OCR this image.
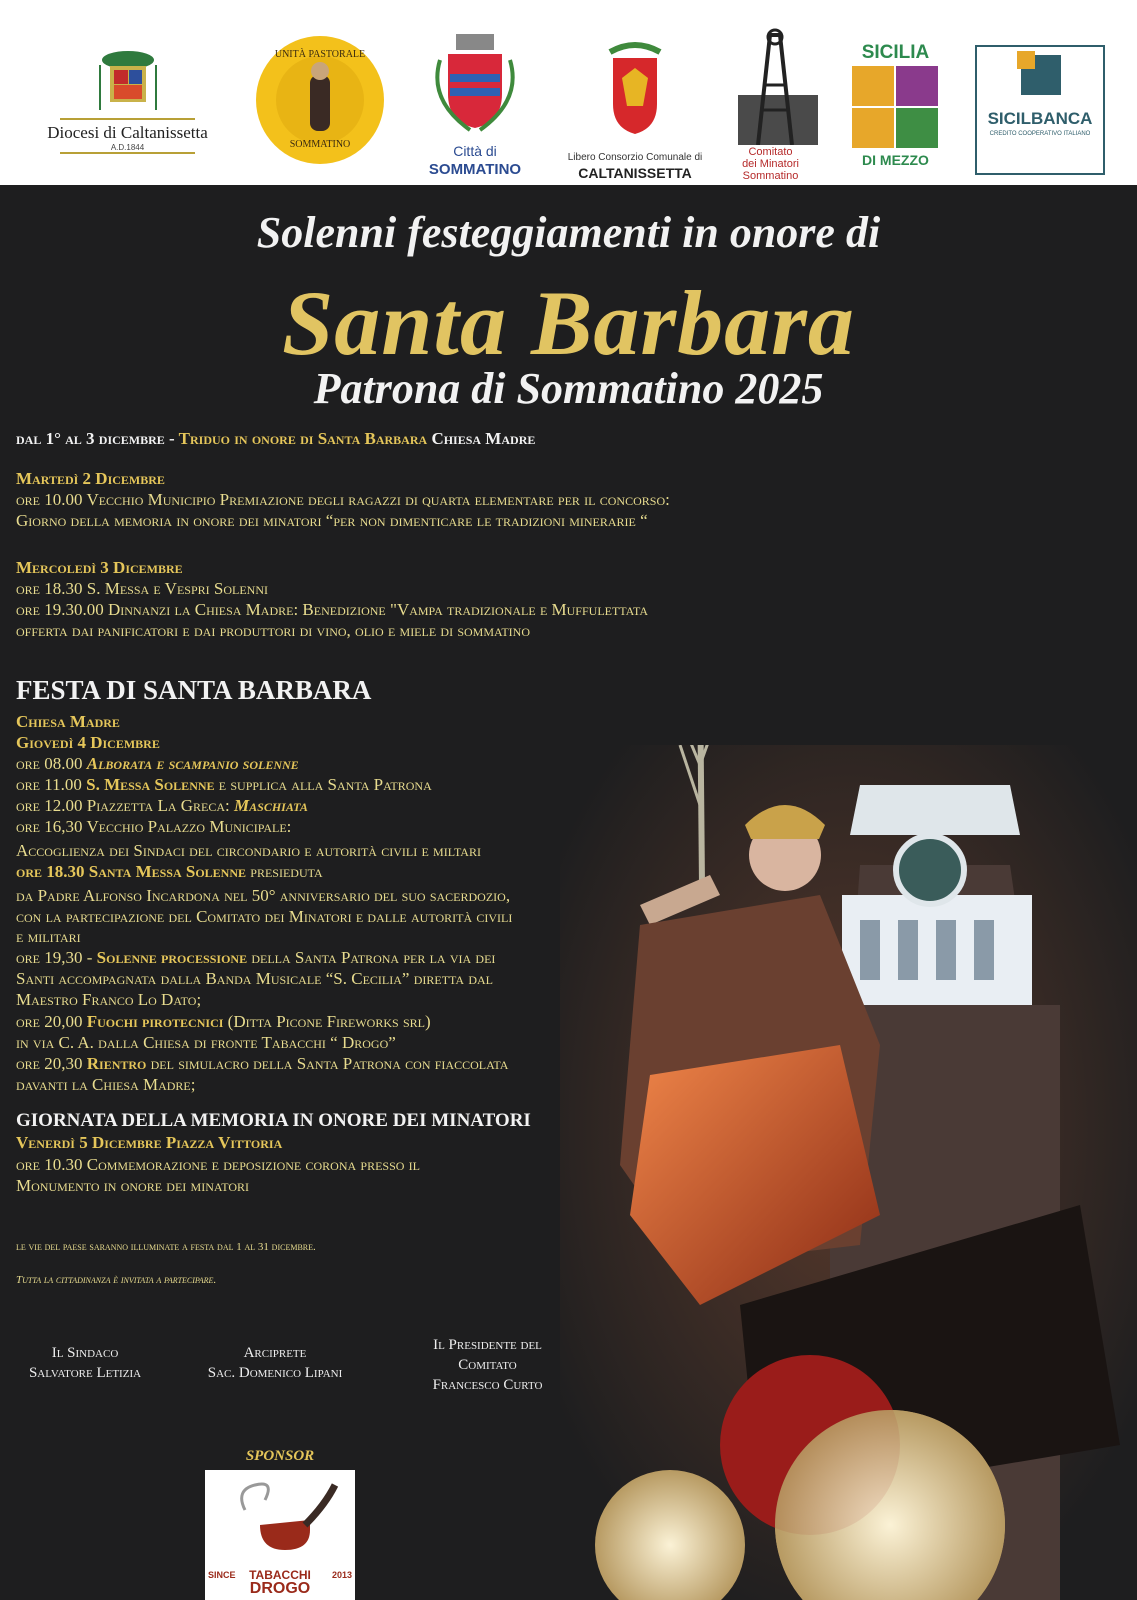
Diocesi di Caltanissetta
A.D.1844
UNITÀ PASTORALE
SOMMATINO	Città di
SOMMATINO
Libero Consorzio Comunale di
CALTANISSETTA
Comitato
dei Minatori
Sommatino
SICILIA
DI MEZZO
SICILBANCA
CREDITO COOPERATIVO ITALIANO
Solenni festeggiamenti in onore di
Santa Barbara
Patrona di Sommatino 2025
dal 1° al 3 dicembre - Triduo in onore di Santa Barbara Chiesa Madre
Martedì 2 Dicembre
ore 10.00 Vecchio Municipio Premiazione degli ragazzi di quarta elementare per il concorso:
Giorno della memoria in onore dei minatori “per non dimenticare le tradizioni minerarie “
Mercoledì 3 Dicembre
ore 18.30 S. Messa e Vespri Solenni
ore 19.30.00 Dinnanzi la Chiesa Madre: Benedizione "Vampa tradizionale e Muffulettata
offerta dai panificatori e dai produttori di vino, olio e miele di sommatino
FESTA DI SANTA BARBARA
Chiesa Madre
Giovedì 4 Dicembre
ore 08.00 Alborata e scampanio solenne
ore 11.00 S. Messa Solenne e supplica alla Santa Patrona
ore 12.00 Piazzetta La Greca: Maschiata
ore 16,30 Vecchio Palazzo Municipale:
Accoglienza dei Sindaci del circondario e autorità civili e miltari
ore 18.30 Santa Messa Solenne presieduta
da Padre Alfonso Incardona nel 50° anniversario del suo sacerdozio,
con la partecipazione del Comitato dei Minatori e dalle autorità civili
e militari
ore 19,30 - Solenne processione della Santa Patrona per la via dei
Santi accompagnata dalla Banda Musicale “S. Cecilia” diretta dal
Maestro Franco Lo Dato;
ore 20,00 Fuochi pirotecnici (Ditta Picone Fireworks srl)
in via C. A. dalla Chiesa di fronte Tabacchi “ Drogo”
ore 20,30 Rientro del simulacro della Santa Patrona con fiaccolata
davanti la Chiesa Madre;
GIORNATA DELLA MEMORIA IN ONORE DEI MINATORI
Venerdì 5 Dicembre Piazza Vittoria
ore 10.30 Commemorazione e deposizione corona presso il
Monumento in onore dei minatori
le vie del paese saranno illuminate a festa dal 1 al 31 dicembre.
Tutta la cittadinanza è invitata a partecipare.
Il Sindaco
Salvatore Letizia
Arciprete
Sac. Domenico Lipani
Il Presidente del
Comitato
Francesco Curto
SPONSOR
SINCE	2013
TABACCHI
DROGO
